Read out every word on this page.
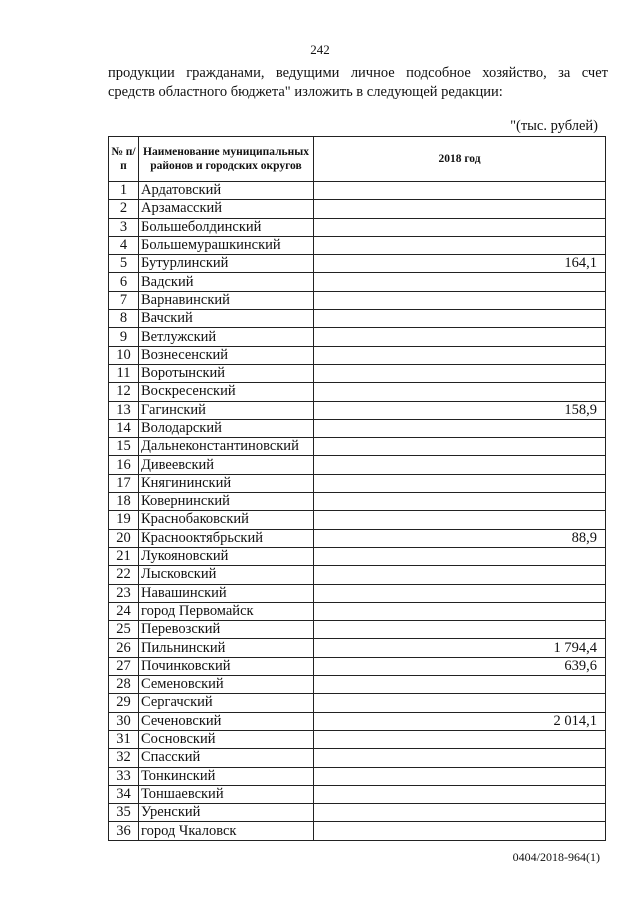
242
продукции гражданами, ведущими личное подсобное хозяйство, за счет
средств областного бюджета" изложить в следующей редакции:
"(тыс. рублей)
№ п/п	Наименование муниципальных районов и городских округов	2018 год
1	Ардатовский	
2	Арзамасский	
3	Большеболдинский	
4	Большемурашкинский	
5	Бутурлинский	164,1
6	Вадский	
7	Варнавинский	
8	Вачский	
9	Ветлужский	
10	Вознесенский	
11	Воротынский	
12	Воскресенский	
13	Гагинский	158,9
14	Володарский	
15	Дальнеконстантиновский	
16	Дивеевский	
17	Княгининский	
18	Ковернинский	
19	Краснобаковский	
20	Краснооктябрьский	88,9
21	Лукояновский	
22	Лысковский	
23	Навашинский	
24	город Первомайск	
25	Перевозский	
26	Пильнинский	1 794,4
27	Починковский	639,6
28	Семеновский	
29	Сергачский	
30	Сеченовский	2 014,1
31	Сосновский	
32	Спасский	
33	Тонкинский	
34	Тоншаевский	
35	Уренский	
36	город Чкаловск	
0404/2018-964(1)
